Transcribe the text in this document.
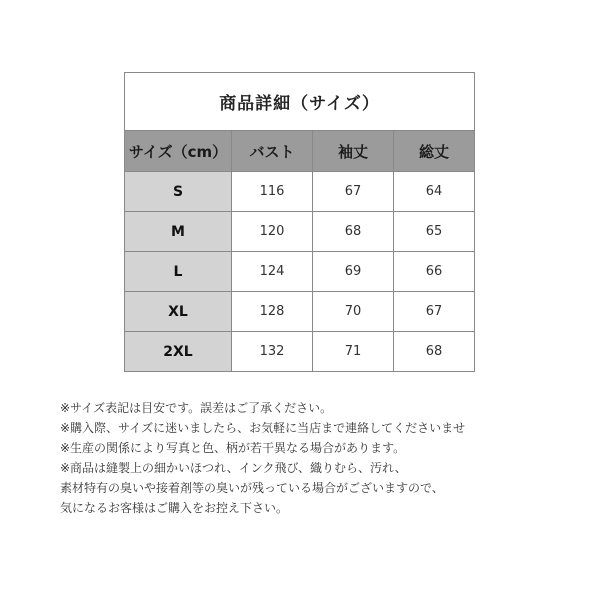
商品詳細（サイズ）			
サイズ（cm）	バスト	袖丈	総丈
S	116	67	64
M	120	68	65
L	124	69	66
XL	128	70	67
2XL	132	71	68
※サイズ表記は目安です。誤差はご了承ください。
※購入際、サイズに迷いましたら、お気軽に当店まで連絡してくださいませ
※生産の関係により写真と色、柄が若干異なる場合があります。
※商品は縫製上の細かいほつれ、インク飛び、織りむら、汚れ、
素材特有の臭いや接着剤等の臭いが残っている場合がございますので、
気になるお客様はご購入をお控え下さい。
